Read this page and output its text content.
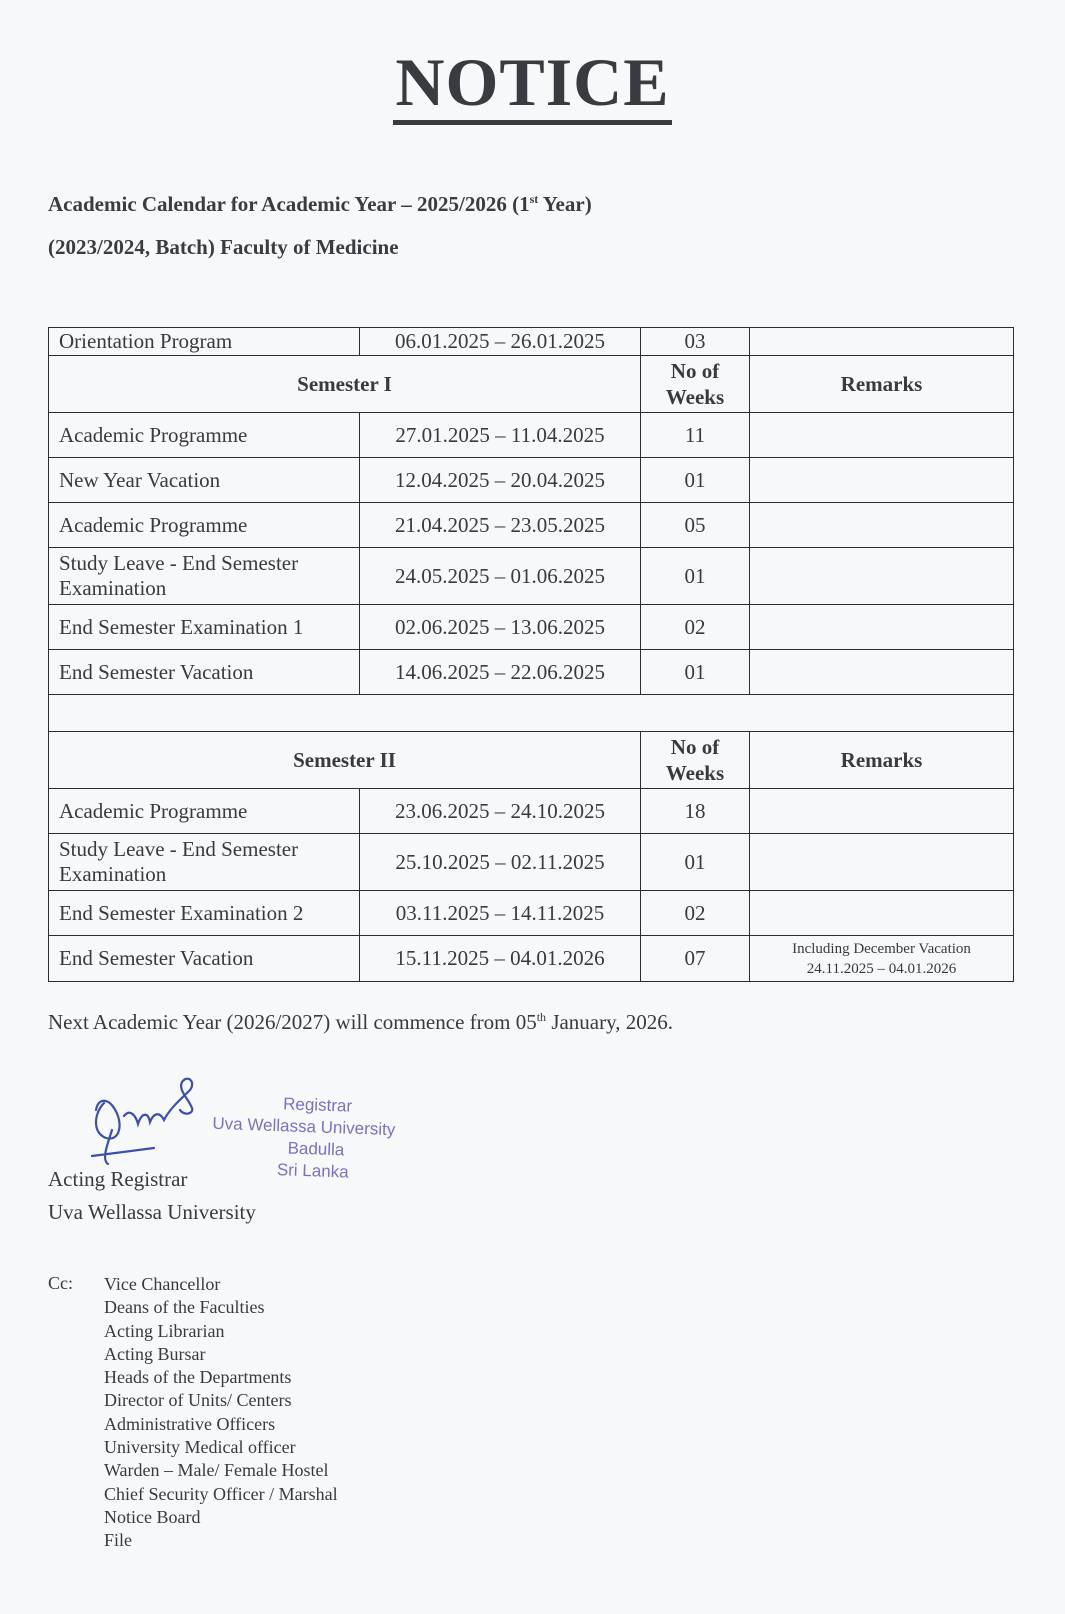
NOTICE
Academic Calendar for Academic Year – 2025/2026 (1st Year)
(2023/2024, Batch) Faculty of Medicine
Orientation Program	06.01.2025 – 26.01.2025	03	
Semester I		No of Weeks	Remarks
Academic Programme	27.01.2025 – 11.04.2025	11	
New Year Vacation	12.04.2025 – 20.04.2025	01	
Academic Programme	21.04.2025 – 23.05.2025	05	
Study Leave - End Semester Examination	24.05.2025 – 01.06.2025	01	
End Semester Examination 1	02.06.2025 – 13.06.2025	02	
End Semester Vacation	14.06.2025 – 22.06.2025	01	

Semester II		No of Weeks	Remarks
Academic Programme	23.06.2025 – 24.10.2025	18	
Study Leave - End Semester Examination	25.10.2025 – 02.11.2025	01	
End Semester Examination 2	03.11.2025 – 14.11.2025	02	
End Semester Vacation	15.11.2025 – 04.01.2026	07	Including December Vacation
24.11.2025 – 04.01.2026
Next Academic Year (2026/2027) will commence from 05th January, 2026.
Registrar
Uva Wellassa University
Badulla
Sri Lanka
Acting Registrar
Uva Wellassa University
Cc: Vice Chancellor
Deans of the Faculties
Acting Librarian
Acting Bursar
Heads of the Departments
Director of Units/ Centers
Administrative Officers
University Medical officer
Warden – Male/ Female Hostel
Chief Security Officer / Marshal
Notice Board
File
